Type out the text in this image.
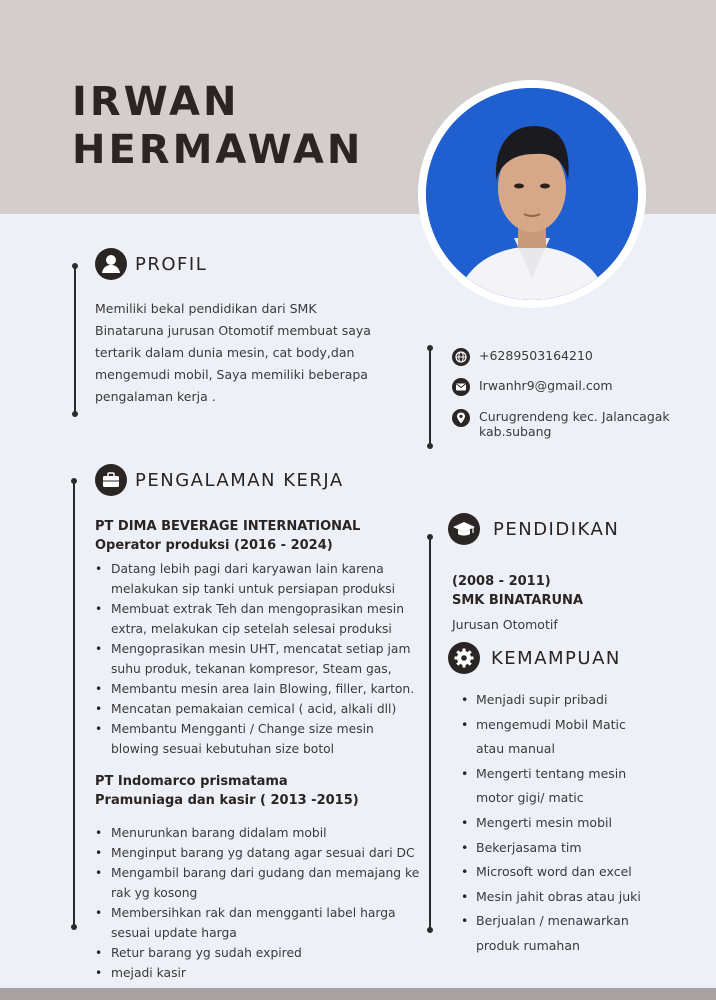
IRWAN
HERMAWAN
PROFIL
Memiliki bekal pendidikan dari SMK Binataruna jurusan Otomotif membuat saya tertarik dalam dunia mesin, cat body,dan mengemudi mobil, Saya memiliki beberapa pengalaman kerja .
+6289503164210
Irwanhr9@gmail.com
Curugrendeng kec. Jalancagak kab.subang
PENGALAMAN KERJA
PT DIMA BEVERAGE INTERNATIONAL
Operator produksi (2016 - 2024)
• Datang lebih pagi dari karyawan lain karena melakukan sip tanki untuk persiapan produksi
• Membuat extrak Teh dan mengoprasikan mesin extra, melakukan cip setelah selesai produksi
• Mengoprasikan mesin UHT, mencatat setiap jam suhu produk, tekanan kompresor, Steam gas,
• Membantu mesin area lain Blowing, filler, karton.
• Mencatan pemakaian cemical ( acid, alkali dll)
• Membantu Mengganti / Change size mesin blowing sesuai kebutuhan size botol
PT Indomarco prismatama
Pramuniaga dan kasir ( 2013 -2015)
• Menurunkan barang didalam mobil
• Menginput barang yg datang agar sesuai dari DC
• Mengambil barang dari gudang dan memajang ke rak yg kosong
• Membersihkan rak dan mengganti label harga sesuai update harga
• Retur barang yg sudah expired
• mejadi kasir
PENDIDIKAN
(2008 - 2011)
SMK BINATARUNA
Jurusan Otomotif
KEMAMPUAN
• Menjadi supir pribadi
• mengemudi Mobil Matic atau manual
• Mengerti tentang mesin motor gigi/ matic
• Mengerti mesin mobil
• Bekerjasama tim
• Microsoft word dan excel
• Mesin jahit obras atau juki
• Berjualan / menawarkan produk rumahan
